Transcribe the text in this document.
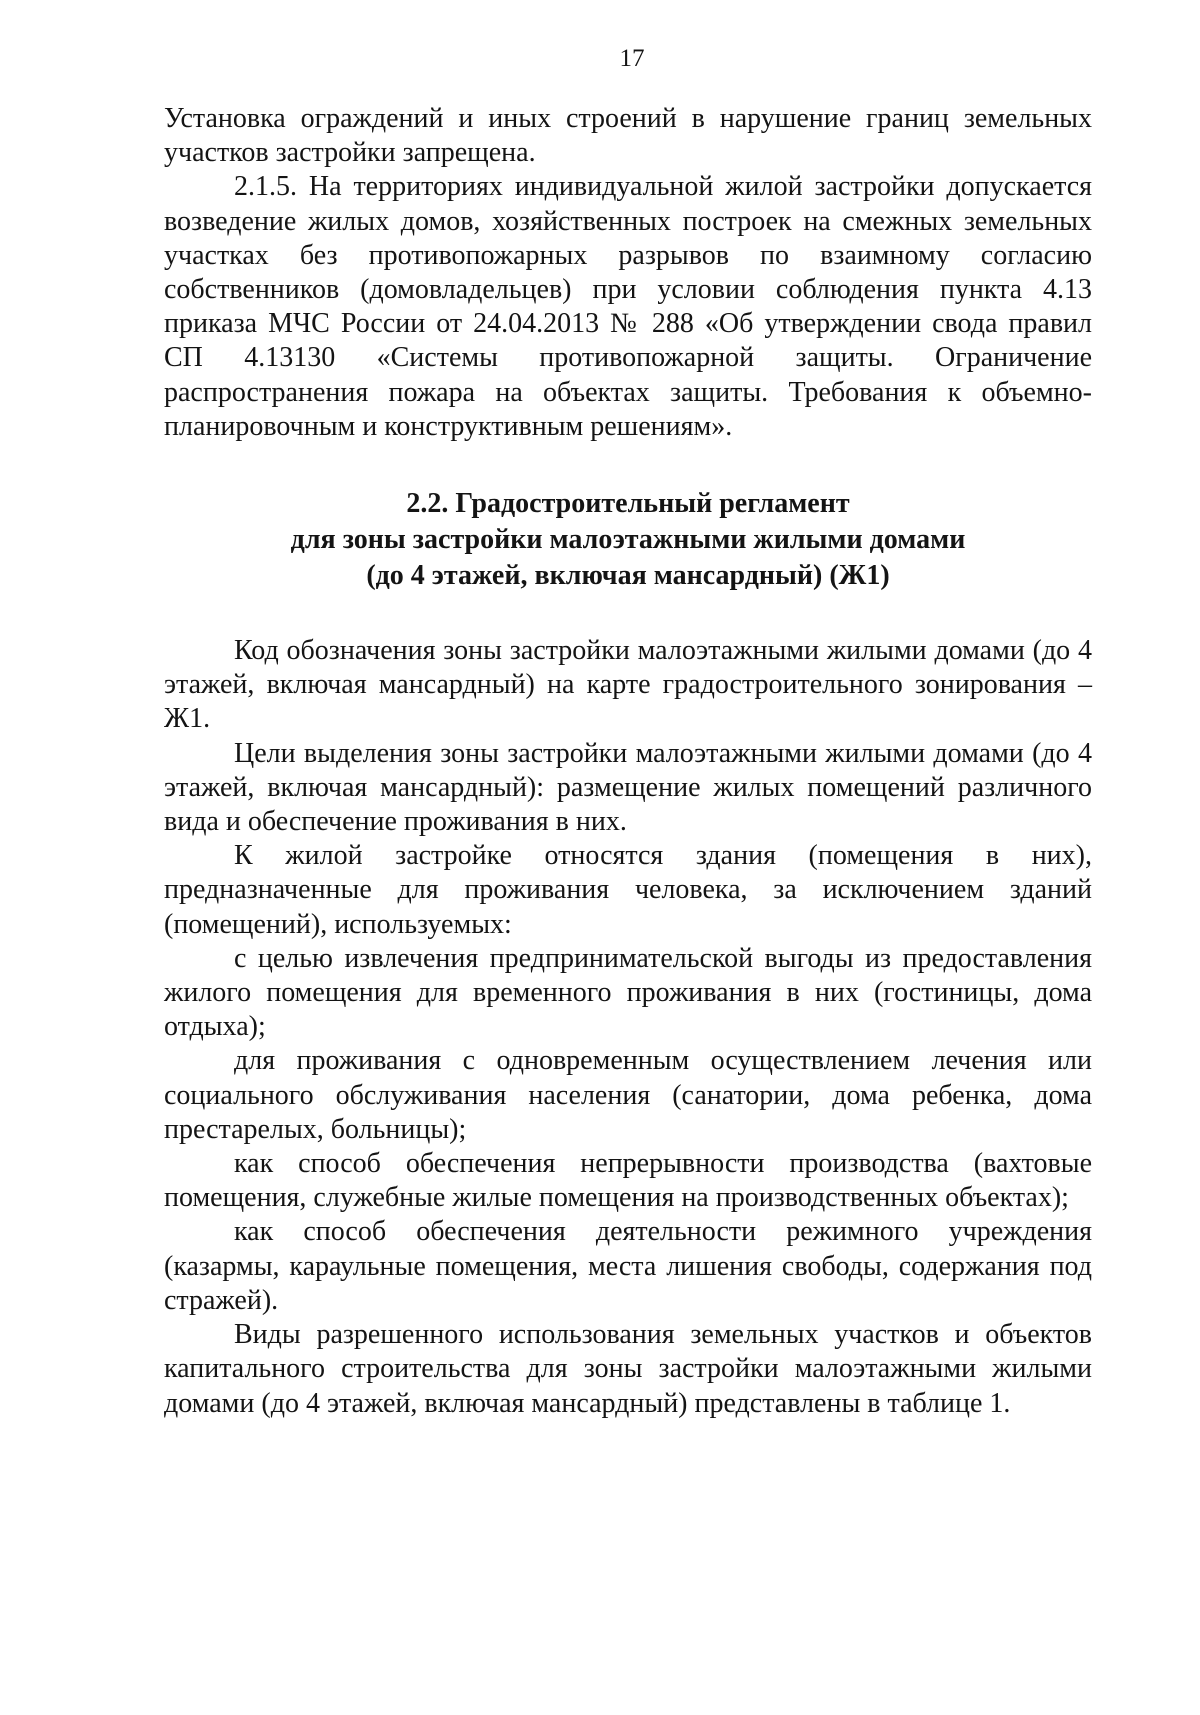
17

Установка ограждений и иных строений в нарушение границ земельных участков застройки запрещена.

2.1.5. На территориях индивидуальной жилой застройки допускается возведение жилых домов, хозяйственных построек на смежных земельных участках без противопожарных разрывов по взаимному согласию собственников (домовладельцев) при условии соблюдения пункта 4.13 приказа МЧС России от 24.04.2013 № 288 «Об утверждении свода правил СП 4.13130 «Системы противопожарной защиты. Ограничение распространения пожара на объектах защиты. Требования к объемно-планировочным и конструктивным решениям».

2.2. Градостроительный регламент
для зоны застройки малоэтажными жилыми домами
(до 4 этажей, включая мансардный) (Ж1)

Код обозначения зоны застройки малоэтажными жилыми домами (до 4 этажей, включая мансардный) на карте градостроительного зонирования – Ж1.

Цели выделения зоны застройки малоэтажными жилыми домами (до 4 этажей, включая мансардный): размещение жилых помещений различного вида и обеспечение проживания в них.

К жилой застройке относятся здания (помещения в них), предназначенные для проживания человека, за исключением зданий (помещений), используемых:

с целью извлечения предпринимательской выгоды из предоставления жилого помещения для временного проживания в них (гостиницы, дома отдыха);

для проживания с одновременным осуществлением лечения или социального обслуживания населения (санатории, дома ребенка, дома престарелых, больницы);

как способ обеспечения непрерывности производства (вахтовые помещения, служебные жилые помещения на производственных объектах);

как способ обеспечения деятельности режимного учреждения (казармы, караульные помещения, места лишения свободы, содержания под стражей).

Виды разрешенного использования земельных участков и объектов капитального строительства для зоны застройки малоэтажными жилыми домами (до 4 этажей, включая мансардный) представлены в таблице 1.
